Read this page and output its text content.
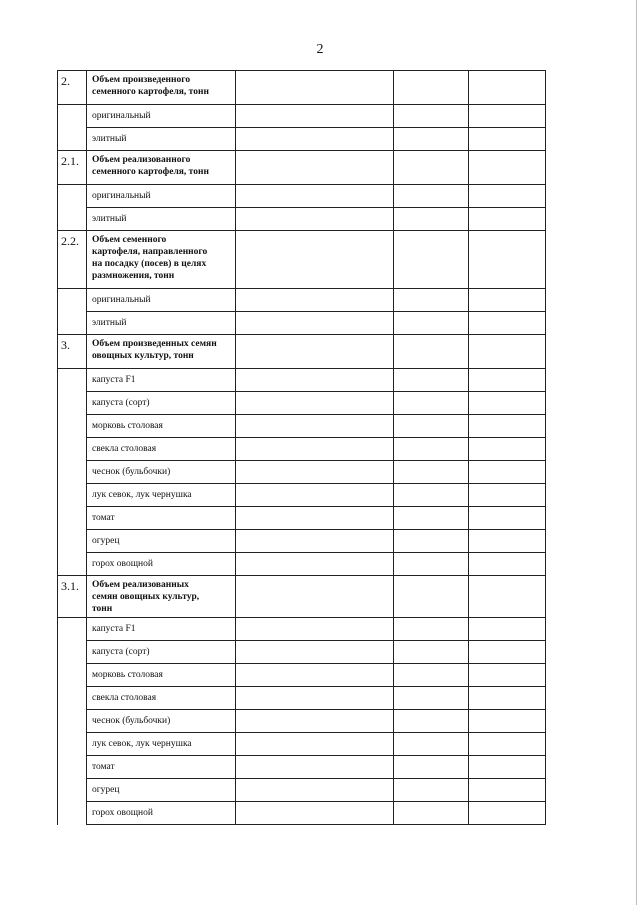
2
2.	Объем произведенного
семенного картофеля, тонн			

	оригинальный			
	элитный			
2.1.	Объем реализованного
семенного картофеля, тонн			

	оригинальный			
	элитный			
2.2.	Объем семенного
картофеля, направленного
на посадку (посев) в целях
размножения, тонн			

	оригинальный			
	элитный			
3.	Объем произведенных семян
овощных культур, тонн			

	капуста F1			
	капуста (сорт)			
	морковь столовая			
	свекла столовая			
	чеснок (бульбочки)			
	лук севок, лук чернушка			
	томат			
	огурец			
	горох овощной			
3.1.	Объем реализованных
семян овощных культур,
тонн			

	капуста F1			
	капуста (сорт)			
	морковь столовая			
	свекла столовая			
	чеснок (бульбочки)			
	лук севок, лук чернушка			
	томат			
	огурец			
	горох овощной			
